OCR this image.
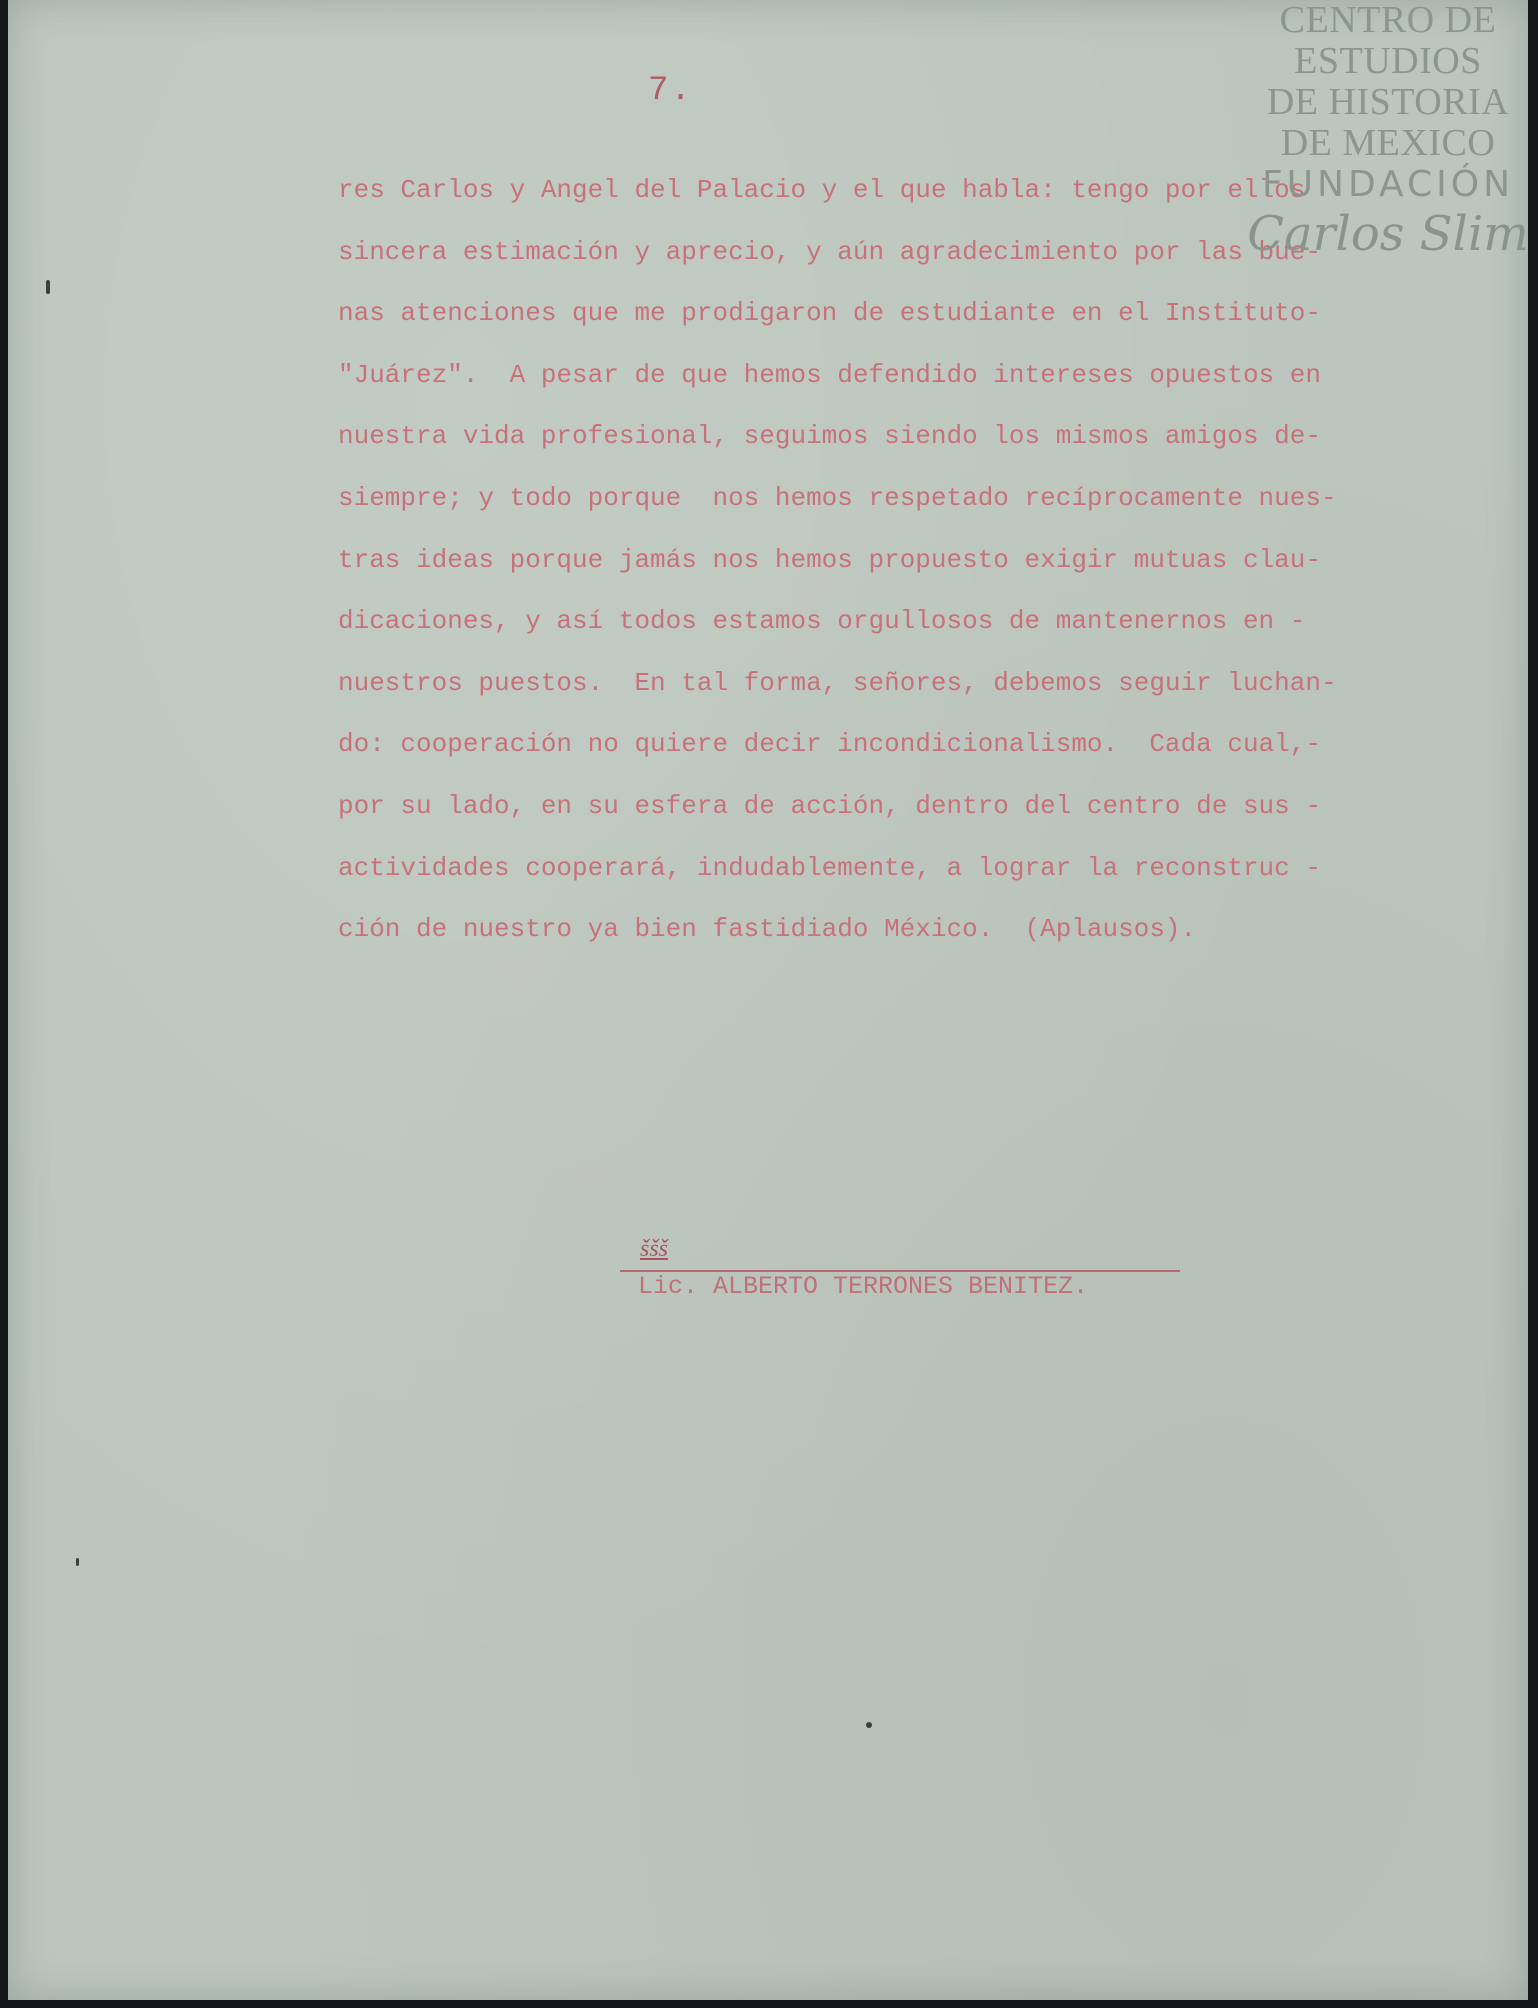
7.
res Carlos y Angel del Palacio y el que habla: tengo por ellos
sincera estimación y aprecio, y aún agradecimiento por las bue-
nas atenciones que me prodigaron de estudiante en el Instituto-
"Juárez".  A pesar de que hemos defendido intereses opuestos en
nuestra vida profesional, seguimos siendo los mismos amigos de-
siempre; y todo porque  nos hemos respetado recíprocamente nues-
tras ideas porque jamás nos hemos propuesto exigir mutuas clau-
dicaciones, y así todos estamos orgullosos de mantenernos en -
nuestros puestos.  En tal forma, señores, debemos seguir luchan-
do: cooperación no quiere decir incondicionalismo.  Cada cual,-
por su lado, en su esfera de acción, dentro del centro de sus -
actividades cooperará, indudablemente, a lograr la reconstruc -
ción de nuestro ya bien fastidiado México.  (Aplausos).
ššš
Lic. ALBERTO TERRONES BENITEZ.
CENTRO DE
ESTUDIOS
DE HISTORIA
DE MEXICO
FUNDACIÓN
Carlos Slim
